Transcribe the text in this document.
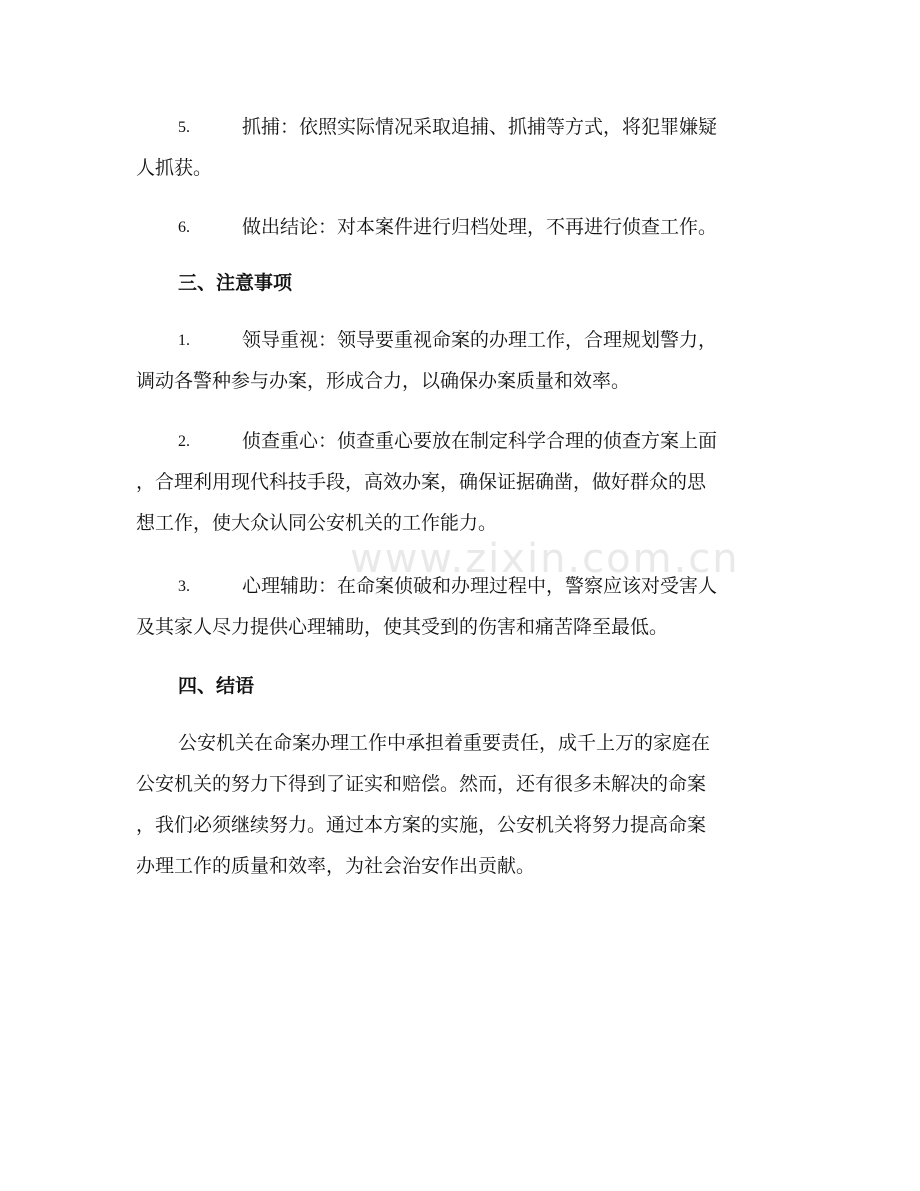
www.zixin.com.cn
5.	抓捕：依照实际情况采取追捕、抓捕等方式，将犯罪嫌疑
人抓获。
6.	做出结论：对本案件进行归档处理，不再进行侦查工作。
三、注意事项
1.	领导重视：领导要重视命案的办理工作，合理规划警力，
调动各警种参与办案，形成合力，以确保办案质量和效率。
2.	侦查重心：侦查重心要放在制定科学合理的侦查方案上面
，合理利用现代科技手段，高效办案，确保证据确凿，做好群众的思
想工作，使大众认同公安机关的工作能力。
3.	心理辅助：在命案侦破和办理过程中，警察应该对受害人
及其家人尽力提供心理辅助，使其受到的伤害和痛苦降至最低。
四、结语
公安机关在命案办理工作中承担着重要责任，成千上万的家庭在
公安机关的努力下得到了证实和赔偿。然而，还有很多未解决的命案
，我们必须继续努力。通过本方案的实施，公安机关将努力提高命案
办理工作的质量和效率，为社会治安作出贡献。
